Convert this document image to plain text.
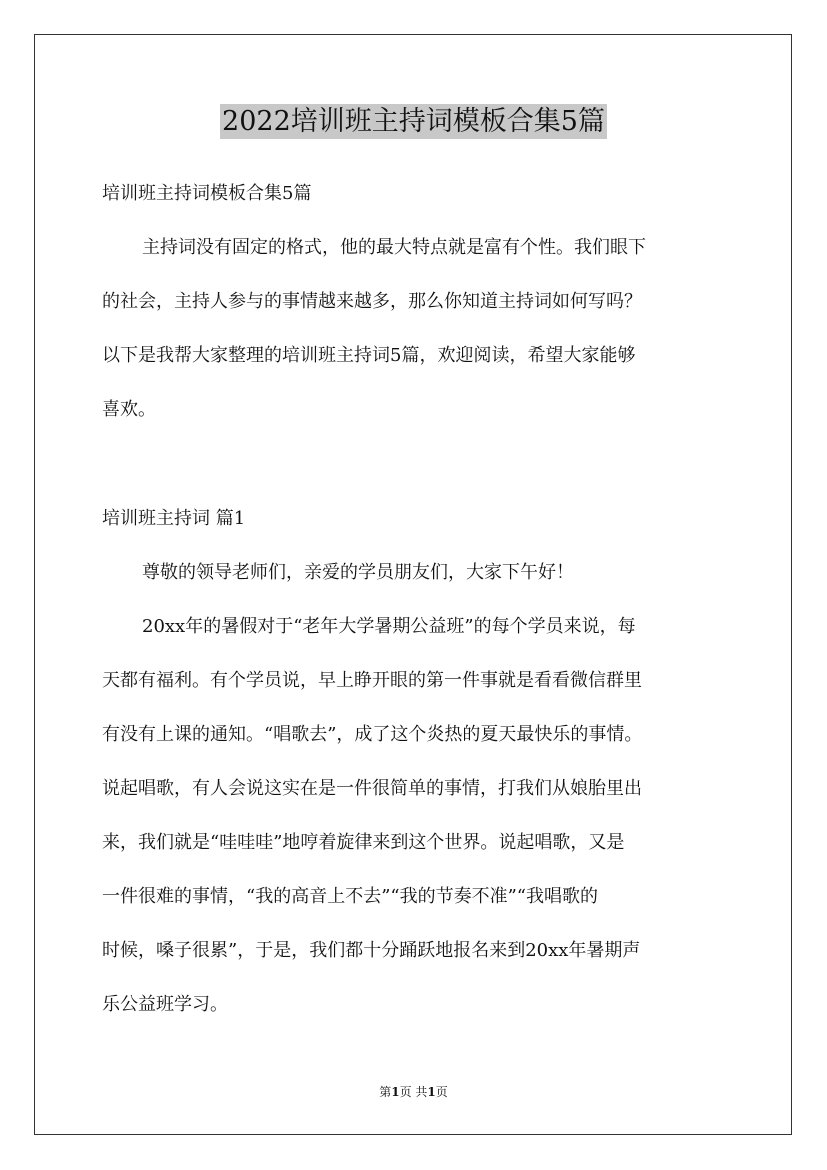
2022培训班主持词模板合集5篇

培训班主持词模板合集5篇

主持词没有固定的格式，他的最大特点就是富有个性。我们眼下

的社会，主持人参与的事情越来越多，那么你知道主持词如何写吗？

以下是我帮大家整理的培训班主持词5篇，欢迎阅读，希望大家能够

喜欢。

培训班主持词 篇1

尊敬的领导老师们，亲爱的学员朋友们，大家下午好！

20xx年的暑假对于“老年大学暑期公益班”的每个学员来说，每

天都有福利。有个学员说，早上睁开眼的第一件事就是看看微信群里

有没有上课的通知。“唱歌去”，成了这个炎热的夏天最快乐的事情。

说起唱歌，有人会说这实在是一件很简单的事情，打我们从娘胎里出

来，我们就是“哇哇哇”地哼着旋律来到这个世界。说起唱歌，又是

一件很难的事情，“我的高音上不去”“我的节奏不准”“我唱歌的

时候，嗓子很累”，于是，我们都十分踊跃地报名来到20xx年暑期声

乐公益班学习。

第1页 共1页
